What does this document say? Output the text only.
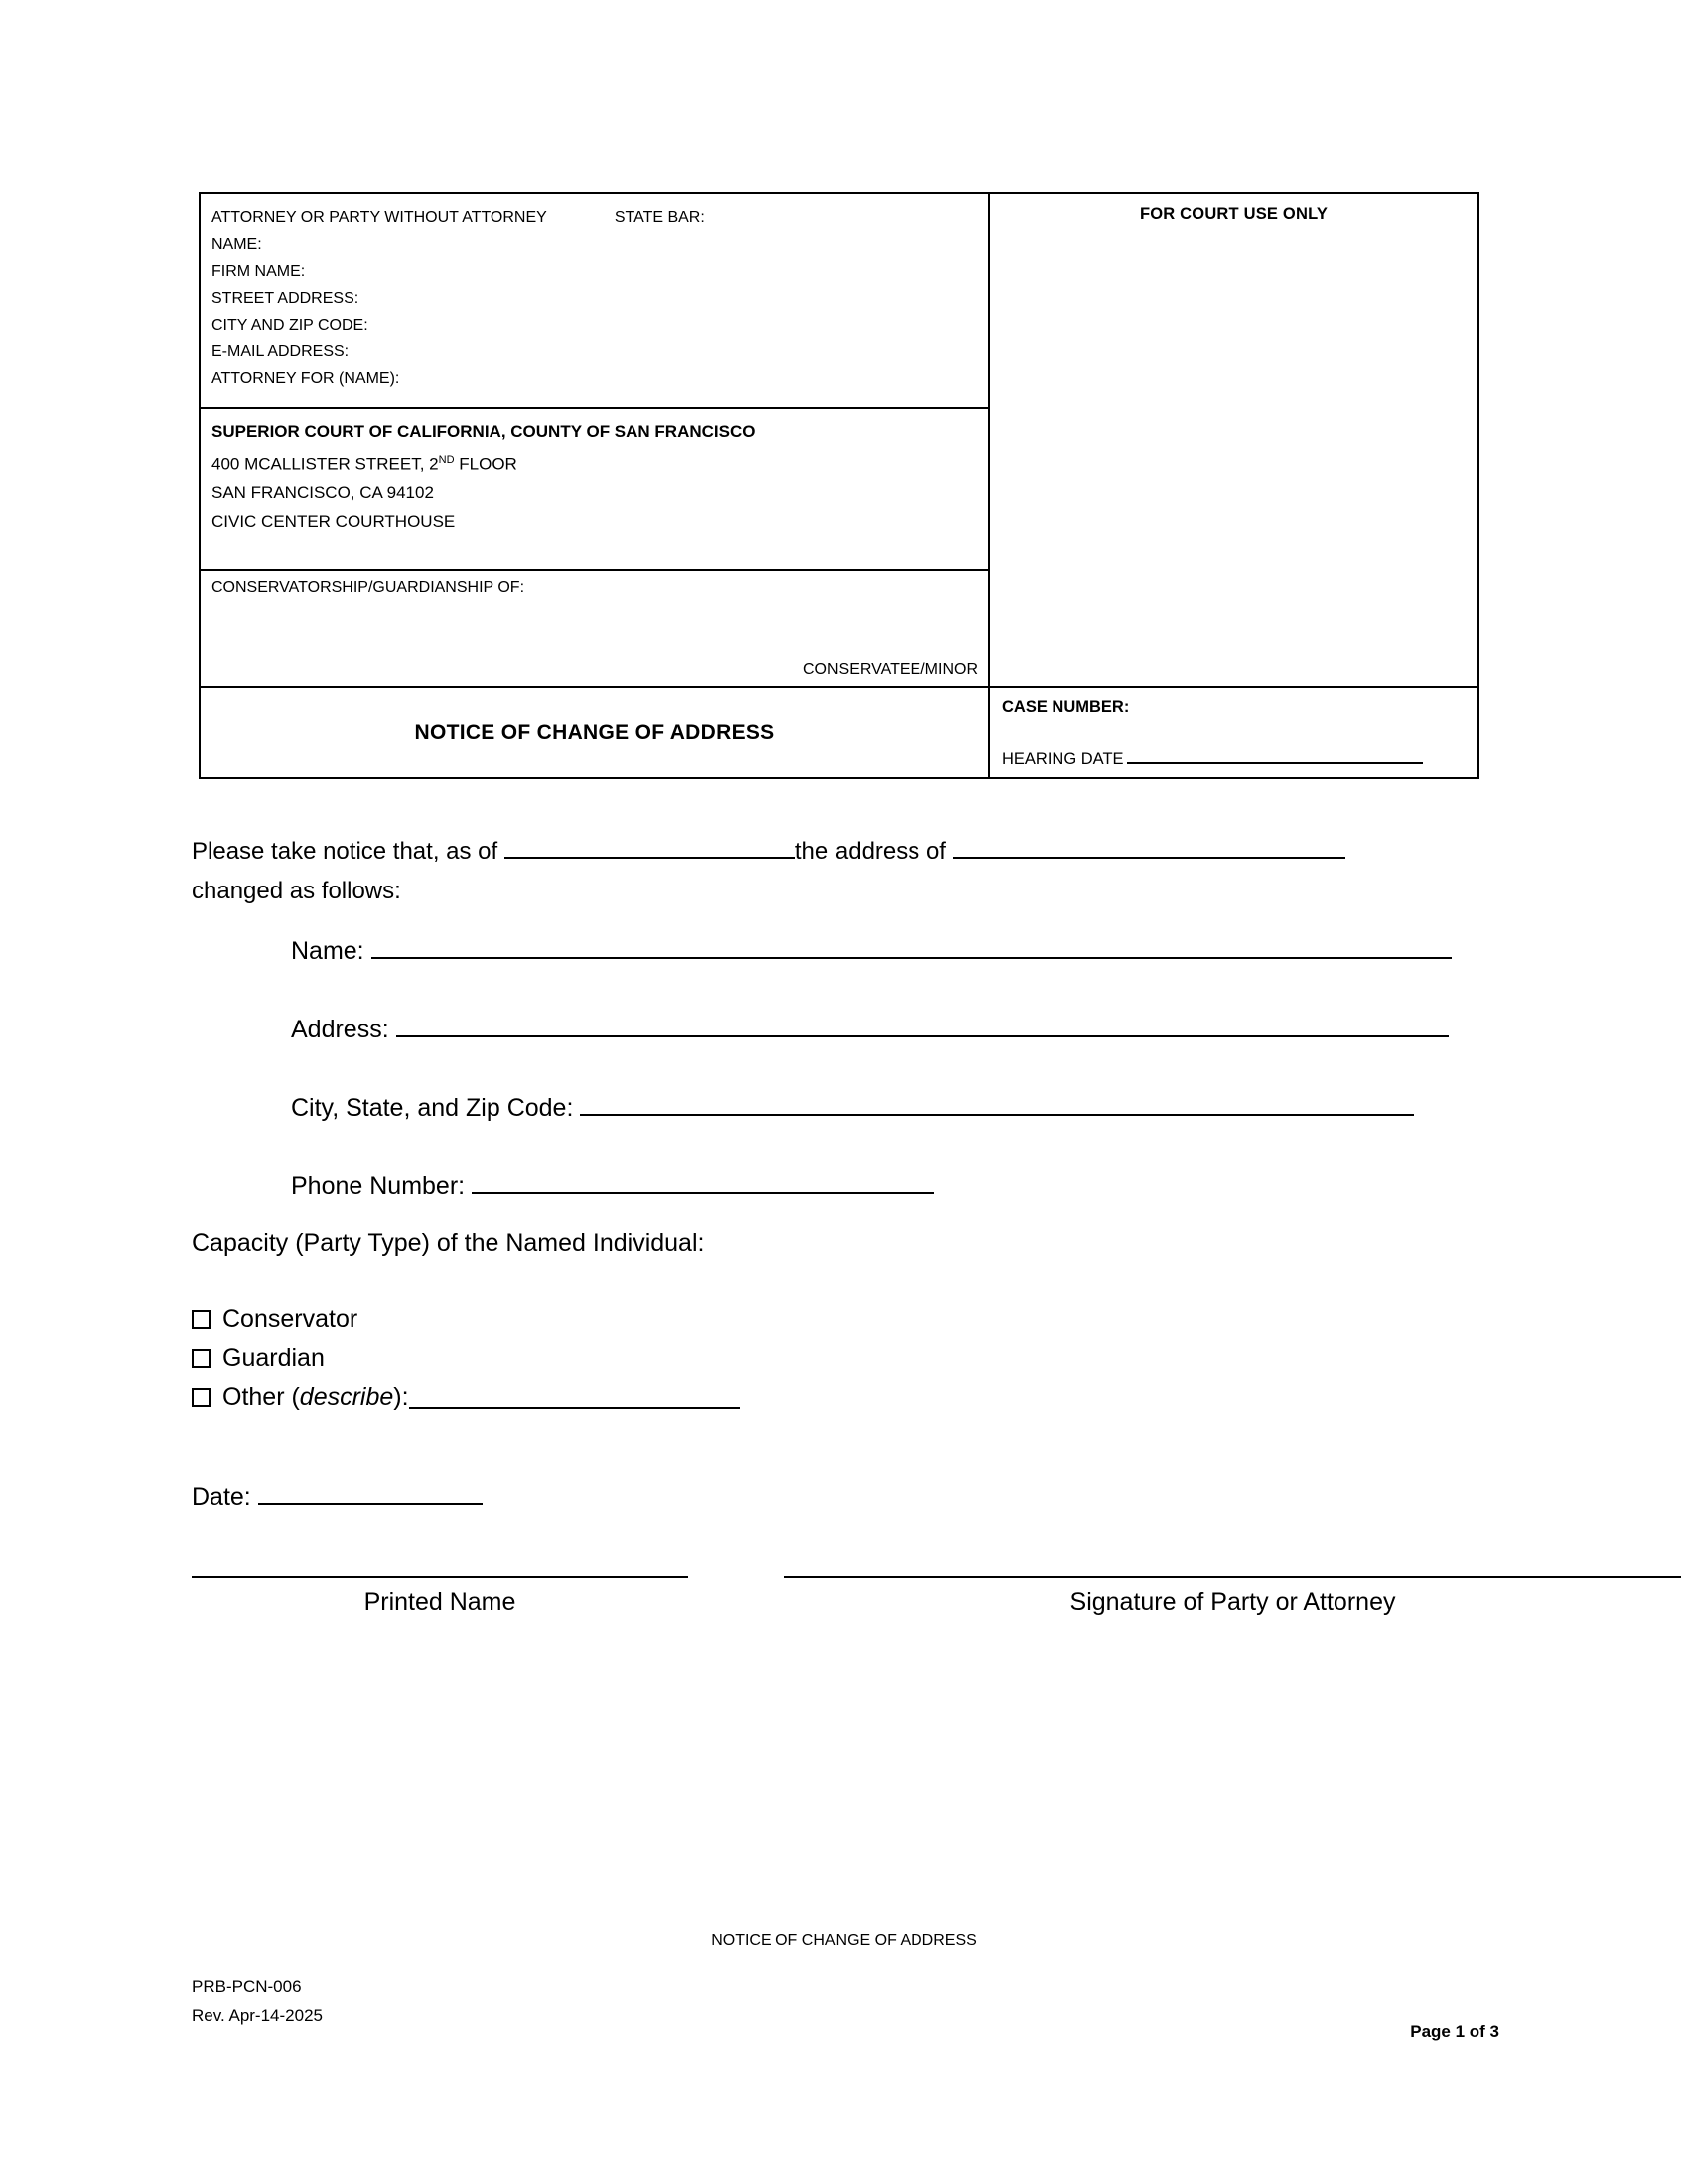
ATTORNEY OR PARTY WITHOUT ATTORNEY	STATE BAR:
NAME:
FIRM NAME:
STREET ADDRESS:
CITY AND ZIP CODE:
E-MAIL ADDRESS:
ATTORNEY FOR (NAME):
SUPERIOR COURT OF CALIFORNIA, COUNTY OF SAN FRANCISCO
400 MCALLISTER STREET, 2ND FLOOR
SAN FRANCISCO, CA 94102
CIVIC CENTER COURTHOUSE
CONSERVATORSHIP/GUARDIANSHIP OF:
CONSERVATEE/MINOR
FOR COURT USE ONLY
NOTICE OF CHANGE OF ADDRESS
CASE NUMBER:
HEARING DATE
Please take notice that, as of	the address of
changed as follows:
Name:
Address:
City, State, and Zip Code:
Phone Number:
Capacity (Party Type) of the Named Individual:
Conservator
Guardian
Other ( describe ):
Date:
Printed Name	Signature of Party or Attorney
NOTICE OF CHANGE OF ADDRESS
PRB-PCN-006
Rev. Apr-14-2025
Page 1 of 3
